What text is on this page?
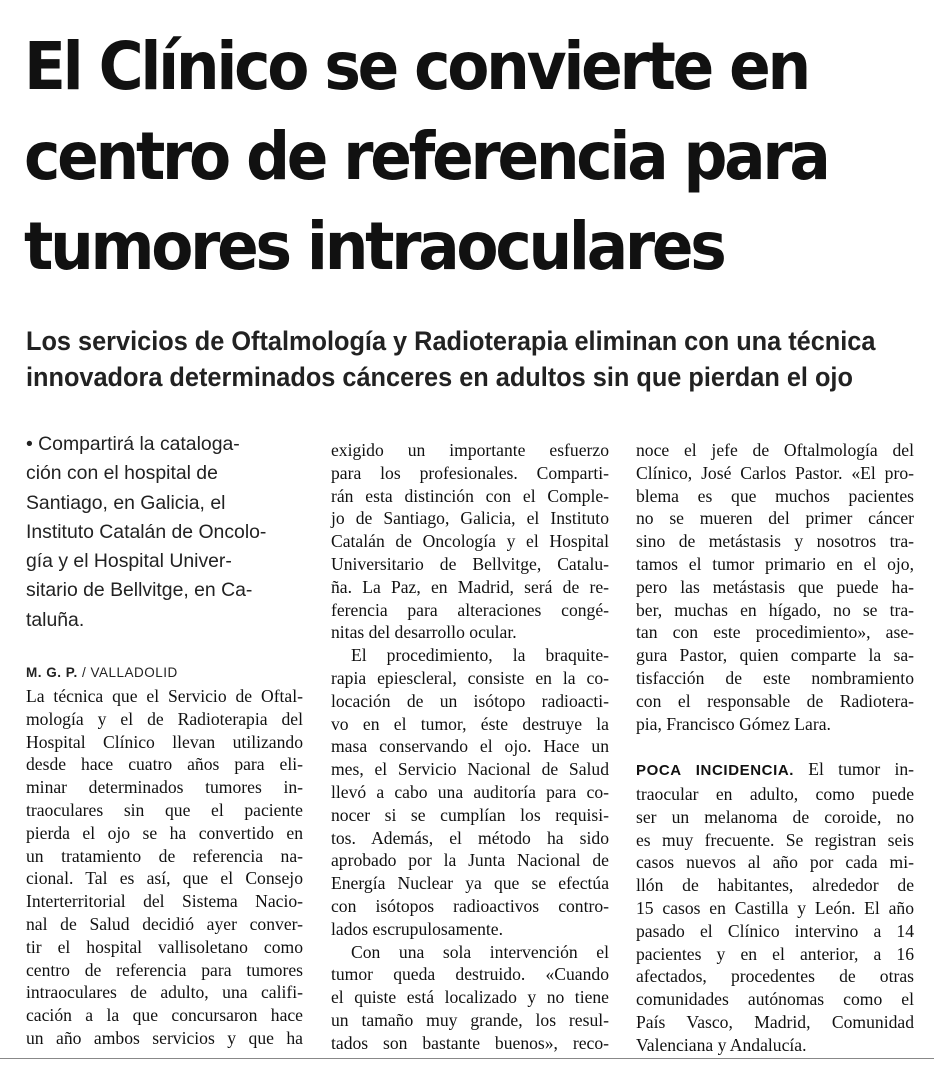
El Clínico se convierte en
centro de referencia para
tumores intraoculares
Los servicios de Oftalmología y Radioterapia eliminan con una técnica
innovadora determinados cánceres en adultos sin que pierdan el ojo
• Compartirá la cataloga-
ción con el hospital de
Santiago, en Galicia, el
Instituto Catalán de Oncolo-
gía y el Hospital Univer-
sitario de Bellvitge, en Ca-
taluña.
M. G. P. / VALLADOLID
La técnica que el Servicio de Oftal-
mología y el de Radioterapia del
Hospital Clínico llevan utilizando
desde hace cuatro años para eli-
minar determinados tumores in-
traoculares sin que el paciente
pierda el ojo se ha convertido en
un tratamiento de referencia na-
cional. Tal es así, que el Consejo
Interterritorial del Sistema Nacio-
nal de Salud decidió ayer conver-
tir el hospital vallisoletano como
centro de referencia para tumores
intraoculares de adulto, una califi-
cación a la que concursaron hace
un año ambos servicios y que ha
exigido un importante esfuerzo
para los profesionales. Comparti-
rán esta distinción con el Comple-
jo de Santiago, Galicia, el Instituto
Catalán de Oncología y el Hospital
Universitario de Bellvitge, Catalu-
ña. La Paz, en Madrid, será de re-
ferencia para alteraciones congé-
nitas del desarrollo ocular.
El procedimiento, la braquite-
rapia epiescleral, consiste en la co-
locación de un isótopo radioacti-
vo en el tumor, éste destruye la
masa conservando el ojo. Hace un
mes, el Servicio Nacional de Salud
llevó a cabo una auditoría para co-
nocer si se cumplían los requisi-
tos. Además, el método ha sido
aprobado por la Junta Nacional de
Energía Nuclear ya que se efectúa
con isótopos radioactivos contro-
lados escrupulosamente.
Con una sola intervención el
tumor queda destruido. «Cuando
el quiste está localizado y no tiene
un tamaño muy grande, los resul-
tados son bastante buenos», reco-
noce el jefe de Oftalmología del
Clínico, José Carlos Pastor. «El pro-
blema es que muchos pacientes
no se mueren del primer cáncer
sino de metástasis y nosotros tra-
tamos el tumor primario en el ojo,
pero las metástasis que puede ha-
ber, muchas en hígado, no se tra-
tan con este procedimiento», ase-
gura Pastor, quien comparte la sa-
tisfacción de este nombramiento
con el responsable de Radiotera-
pia, Francisco Gómez Lara.
POCA INCIDENCIA. El tumor in-
traocular en adulto, como puede
ser un melanoma de coroide, no
es muy frecuente. Se registran seis
casos nuevos al año por cada mi-
llón de habitantes, alrededor de
15 casos en Castilla y León. El año
pasado el Clínico intervino a 14
pacientes y en el anterior, a 16
afectados, procedentes de otras
comunidades autónomas como el
País Vasco, Madrid, Comunidad
Valenciana y Andalucía.
